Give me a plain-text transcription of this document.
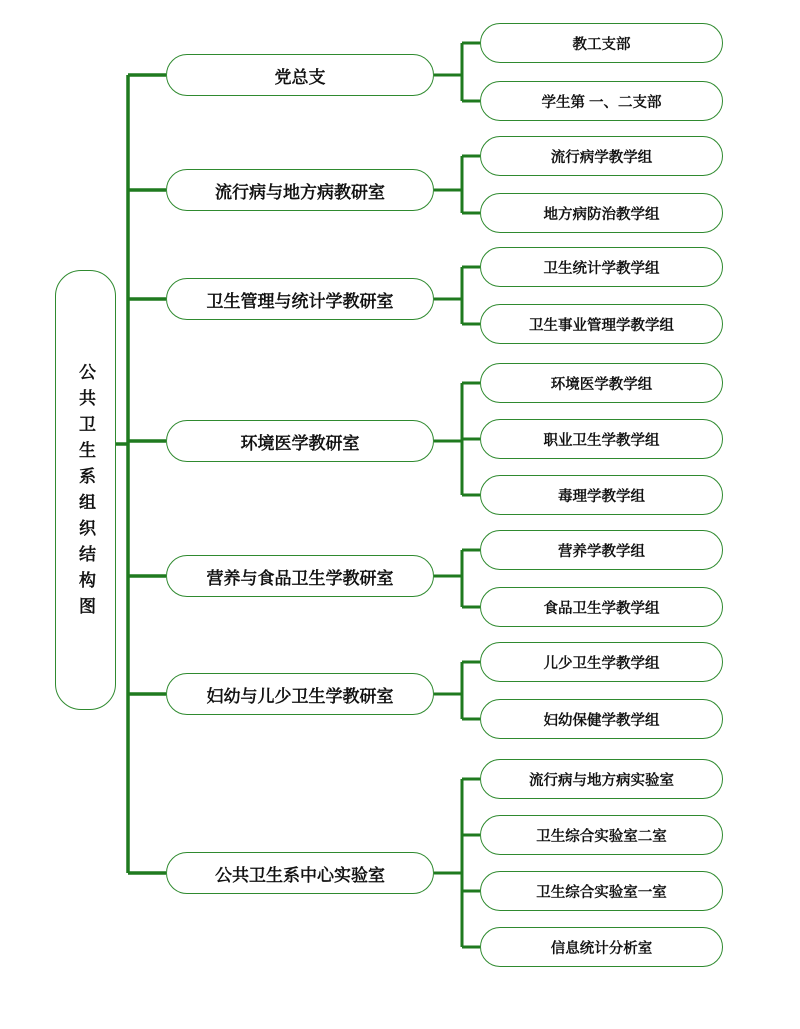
公共卫生系组织结构图
党总支
流行病与地方病教研室
卫生管理与统计学教研室
环境医学教研室
营养与食品卫生学教研室
妇幼与儿少卫生学教研室
公共卫生系中心实验室
教工支部
学生第 一、二支部
流行病学教学组
地方病防治教学组
卫生统计学教学组
卫生事业管理学教学组
环境医学教学组
职业卫生学教学组
毒理学教学组
营养学教学组
食品卫生学教学组
儿少卫生学教学组
妇幼保健学教学组
流行病与地方病实验室
卫生综合实验室二室
卫生综合实验室一室
信息统计分析室
